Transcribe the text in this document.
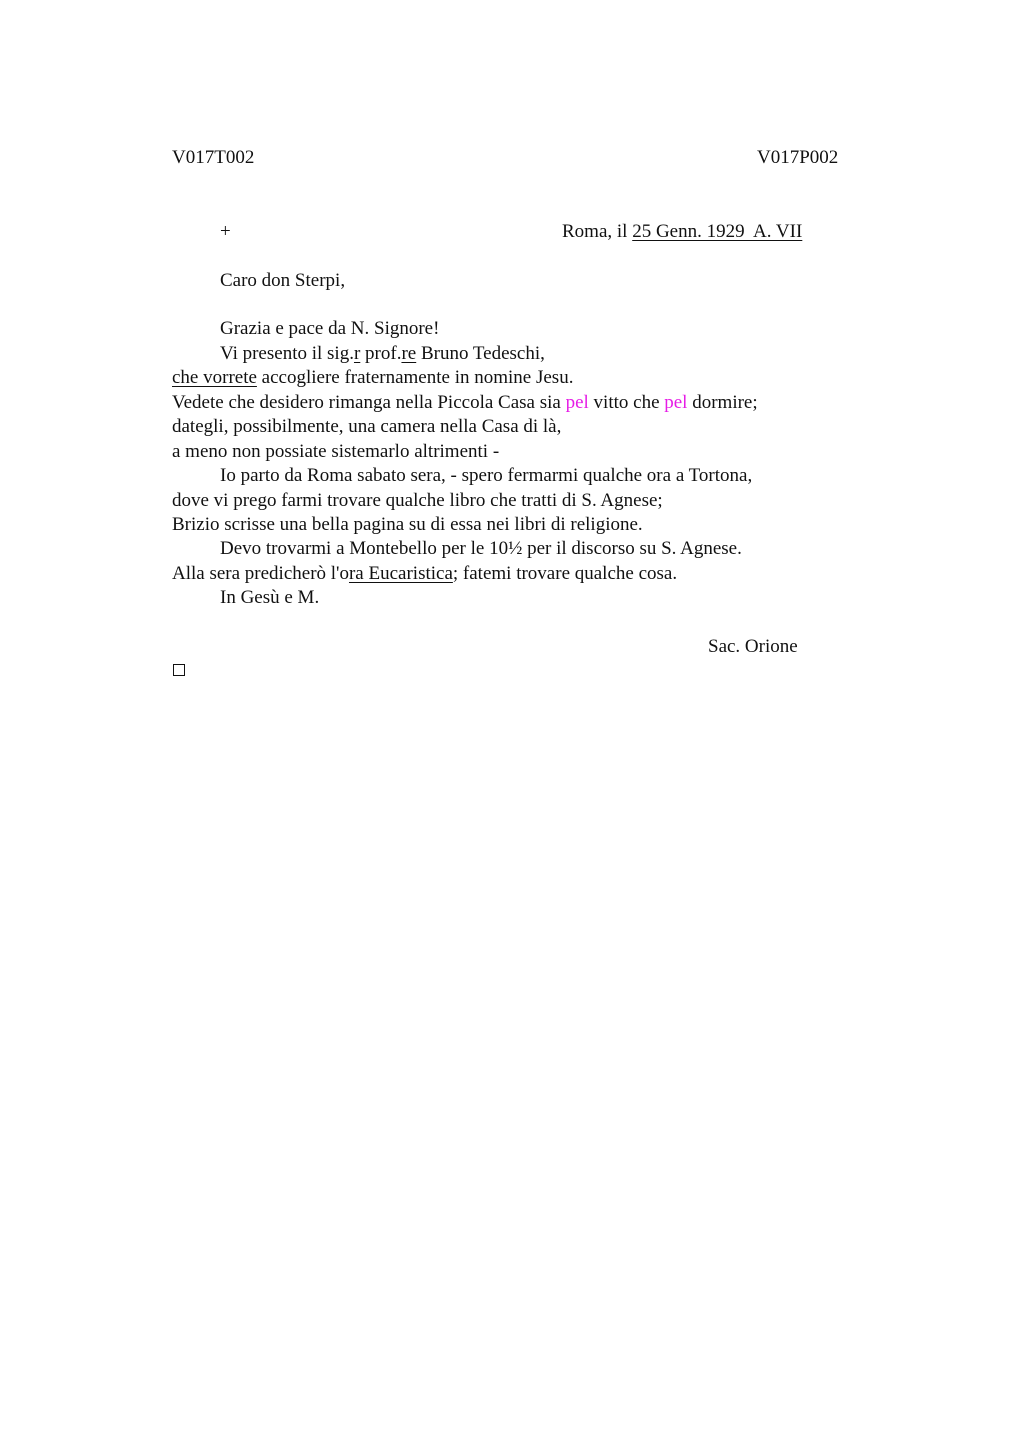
V017T002	V017P002
+	Roma, il 25 Genn. 1929  A. VII
Caro don Sterpi,
Grazia e pace da N. Signore!
Vi presento il sig.r prof.re Bruno Tedeschi,
che vorrete accogliere fraternamente in nomine Jesu.
Vedete che desidero rimanga nella Piccola Casa sia pel vitto che pel dormire;
dategli, possibilmente, una camera nella Casa di là,
a meno non possiate sistemarlo altrimenti -
Io parto da Roma sabato sera, - spero fermarmi qualche ora a Tortona,
dove vi prego farmi trovare qualche libro che tratti di S. Agnese;
Brizio scrisse una bella pagina su di essa nei libri di religione.
Devo trovarmi a Montebello per le 10½ per il discorso su S. Agnese.
Alla sera predicherò l'ora Eucaristica; fatemi trovare qualche cosa.
In Gesù e M.
Sac. Orione
